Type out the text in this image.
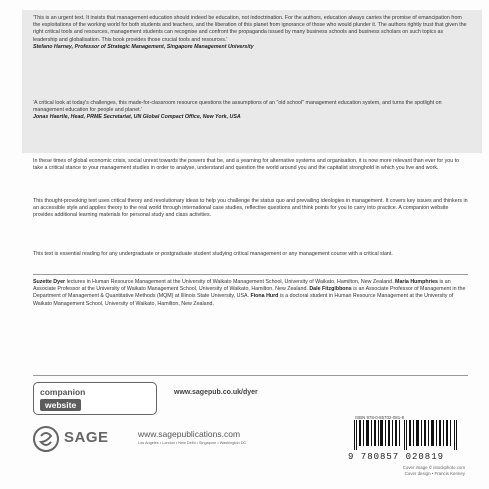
'This is an urgent text. It insists that management education should indeed be education, not indoctrination. For the authors, education always carries the promise of emancipation from the exploitations of the working world for both students and teachers, and the liberation of this planet from ignorance of those who would plunder it. The authors rightly trust that given the right critical tools and resources, management students can recognise and confront the propaganda issued by many business schools and business scholars on such topics as leadership and globalisation. This book provides those crucial tools and resources.'

Stefano Harney, Professor of Strategic Management, Singapore Management University

'A critical look at today's challenges, this made-for-classroom resource questions the assumptions of an "old school" management education system, and turns the spotlight on management education for people and planet.'

Jonas Haertle, Head, PRME Secretariat, UN Global Compact Office, New York, USA

In these times of global economic crisis, social unrest towards the powers that be, and a yearning for alternative systems and organisation, it is now more relevant than ever for you to take a critical stance to your management studies in order to analyse, understand and question the world around you and the capitalist stronghold in which you live and work.
This thought-provoking text uses critical theory and revolutionary ideas to help you challenge the status quo and prevailing ideologies in management. It covers key issues and thinkers in an accessible style and applies theory to the real world through international case studies, reflective questions and think points for you to carry into practice. A companion website provides additional learning materials for personal study and class activities.
This text is essential reading for any undergraduate or postgraduate student studying critical management or any management course with a critical slant.
Suzette Dyer lectures in Human Resource Management at the University of Waikato Management School, University of Waikato, Hamilton, New Zealand. Maria Humphries is an Associate Professor at the University of Waikato Management School, University of Waikato, Hamilton, New Zealand. Dale Fitzgibbons is an Associate Professor of Management in the Department of Management & Quantitative Methods (MQM) at Illinois State University, USA. Fiona Hurd is a doctoral student in Human Resource Management at the University of Waikato Management School, University of Waikato, Hamilton, New Zealand.
companion
website
www.sagepub.co.uk/dyer
SAGE	www.sagepublications.com
Los Angeles • London • New Delhi • Singapore • Washington DC
ISBN 978-0-85702-081-9
9 780857 020819
Cover image © istockphoto.com
Cover design • Francis Kenney
